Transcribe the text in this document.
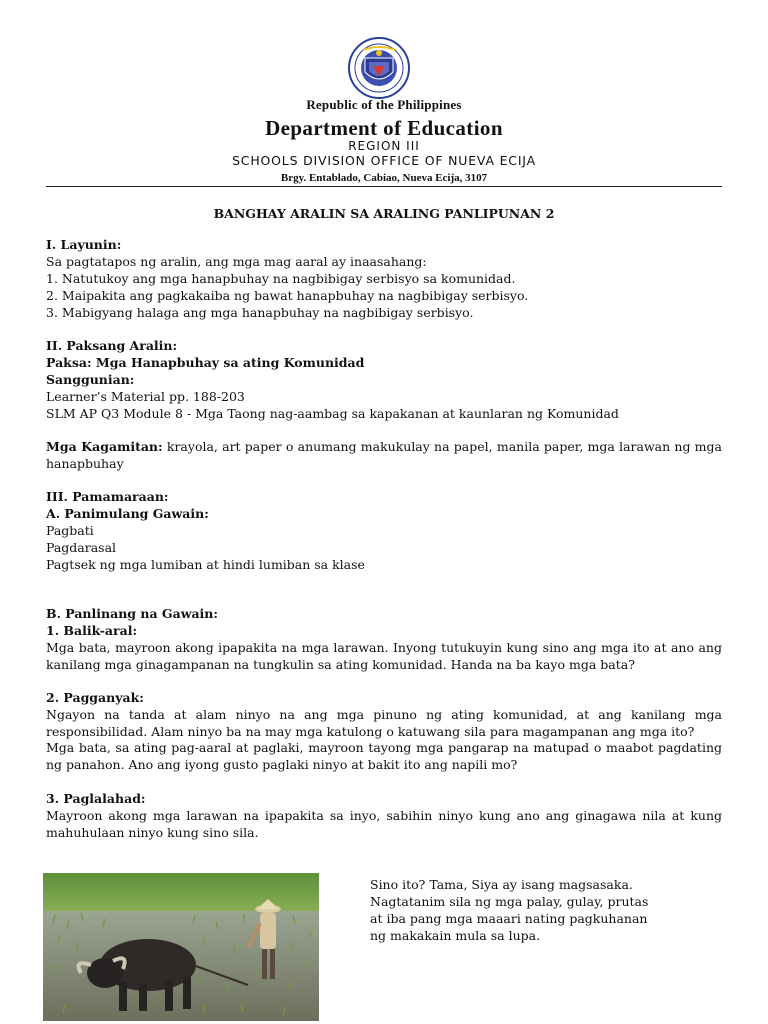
Republic of the Philippines
Department of Education
REGION III
SCHOOLS DIVISION OFFICE OF NUEVA ECIJA
Brgy. Entablado, Cabiao, Nueva Ecija, 3107
BANGHAY ARALIN SA ARALING PANLIPUNAN 2
I. Layunin:
Sa pagtatapos ng aralin, ang mga mag aaral ay inaasahang:
1. Natutukoy ang mga hanapbuhay na nagbibigay serbisyo sa komunidad.
2. Maipakita ang pagkakaiba ng bawat hanapbuhay na nagbibigay serbisyo.
3. Mabigyang halaga ang mga hanapbuhay na nagbibigay serbisyo.
II. Paksang Aralin:
Paksa: Mga Hanapbuhay sa ating Komunidad
Sanggunian:
Learner’s Material pp. 188-203
SLM AP Q3 Module 8 - Mga Taong nag-aambag sa kapakanan at kaunlaran ng Komunidad
Mga Kagamitan: krayola, art paper o anumang makukulay na papel, manila paper, mga larawan ng mga hanapbuhay
III. Pamamaraan:
A. Panimulang Gawain:
Pagbati
Pagdarasal
Pagtsek ng mga lumiban at hindi lumiban sa klase
B. Panlinang na Gawain:
1. Balik-aral:
Mga bata, mayroon akong ipapakita na mga larawan. Inyong tutukuyin kung sino ang mga ito at ano ang kanilang mga ginagampanan na tungkulin sa ating komunidad. Handa na ba kayo mga bata?
2. Pagganyak:
Ngayon na tanda at alam ninyo na ang mga pinuno ng ating komunidad, at ang kanilang mga responsibilidad. Alam ninyo ba na may mga katulong o katuwang sila para magampanan ang mga ito?
Mga bata, sa ating pag-aaral at paglaki, mayroon tayong mga pangarap na matupad o maabot pagdating ng panahon. Ano ang iyong gusto paglaki ninyo at bakit ito ang napili mo?
3. Paglalahad:
Mayroon akong mga larawan na ipapakita sa inyo, sabihin ninyo kung ano ang ginagawa nila at kung mahuhulaan ninyo kung sino sila.
Sino ito? Tama, Siya ay isang magsasaka.
Nagtatanim sila ng mga palay, gulay, prutas
at iba pang mga maaari nating pagkuhanan
ng makakain mula sa lupa.
